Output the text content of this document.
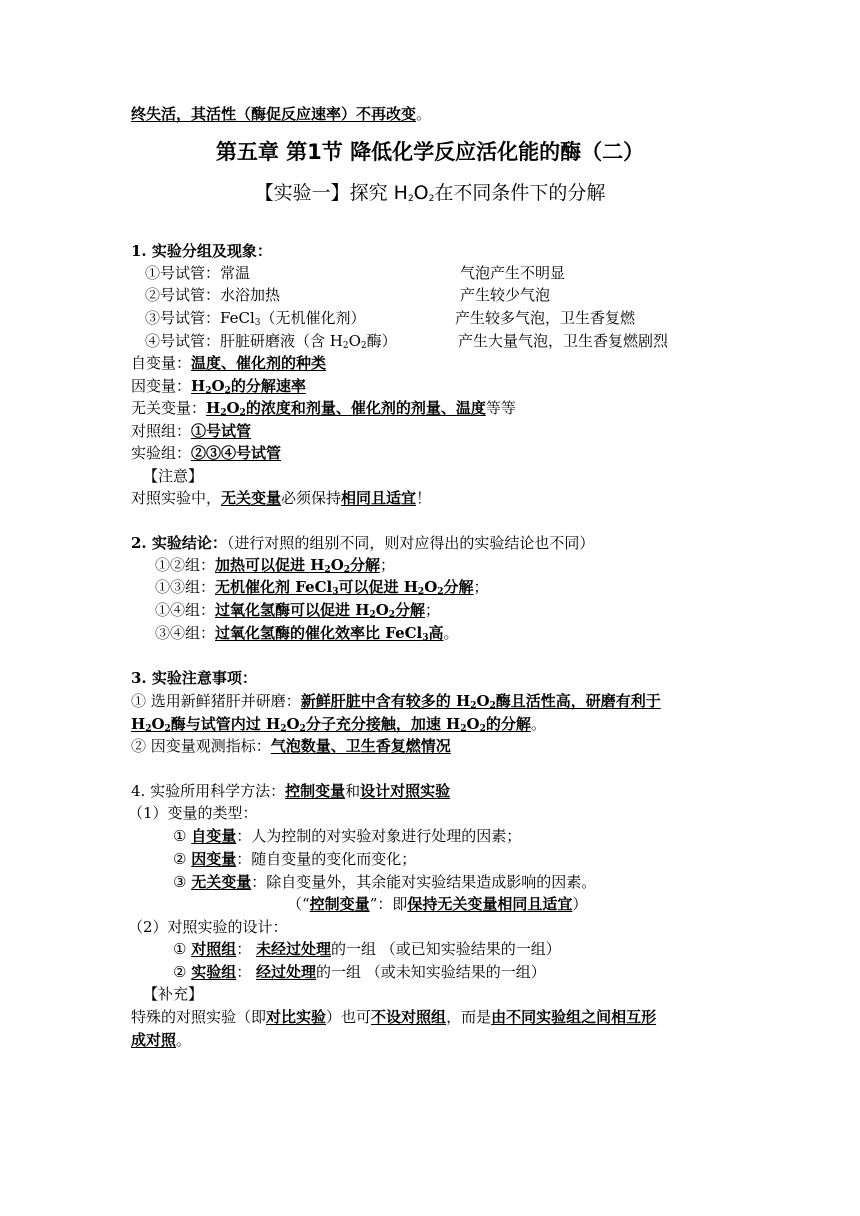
终失活，其活性（酶促反应速率）不再改变。
第五章 第1节 降低化学反应活化能的酶（二）
【实验一】探究 $H_2O_2$在不同条件下的分解
1. 实验分组及现象：
①号试管：常温	气泡产生不明显
②号试管：水浴加热	产生较少气泡
③号试管：FeCl$_3$（无机催化剂）	产生较多气泡，卫生香复燃
④号试管：肝脏研磨液（含 $H_2O_2$酶）	产生大量气泡，卫生香复燃剧烈
自变量：温度、催化剂的种类
因变量：$H_2O_2$的分解速率
无关变量：$H_2O_2$的浓度和剂量、催化剂的剂量、温度等等
对照组：①号试管
实验组：②③④号试管
【注意】
对照实验中，无关变量必须保持相同且适宜！
2. 实验结论：（进行对照的组别不同，则对应得出的实验结论也不同）
①②组：加热可以促进 $H_2O_2$分解；
①③组：无机催化剂 FeCl$_3$可以促进 $H_2O_2$分解；
①④组：过氧化氢酶可以促进 $H_2O_2$分解；
③④组：过氧化氢酶的催化效率比 FeCl$_3$高。
3. 实验注意事项：
① 选用新鲜猪肝并研磨：新鲜肝脏中含有较多的 $H_2O_2$酶且活性高，研磨有利于
$H_2O_2$酶与试管内过 $H_2O_2$分子充分接触，加速 $H_2O_2$的分解。
② 因变量观测指标：气泡数量、卫生香复燃情况
4. 实验所用科学方法：控制变量和设计对照实验
（1）变量的类型：
① 自变量：人为控制的对实验对象进行处理的因素；
② 因变量：随自变量的变化而变化；
③ 无关变量：除自变量外，其余能对实验结果造成影响的因素。
（“控制变量”：即保持无关变量相同且适宜）
（2）对照实验的设计：
① 对照组： 未经过处理的一组 （或已知实验结果的一组）
② 实验组： 经过处理的一组 （或未知实验结果的一组）
【补充】
特殊的对照实验（即对比实验）也可不设对照组，而是由不同实验组之间相互形
成对照。
